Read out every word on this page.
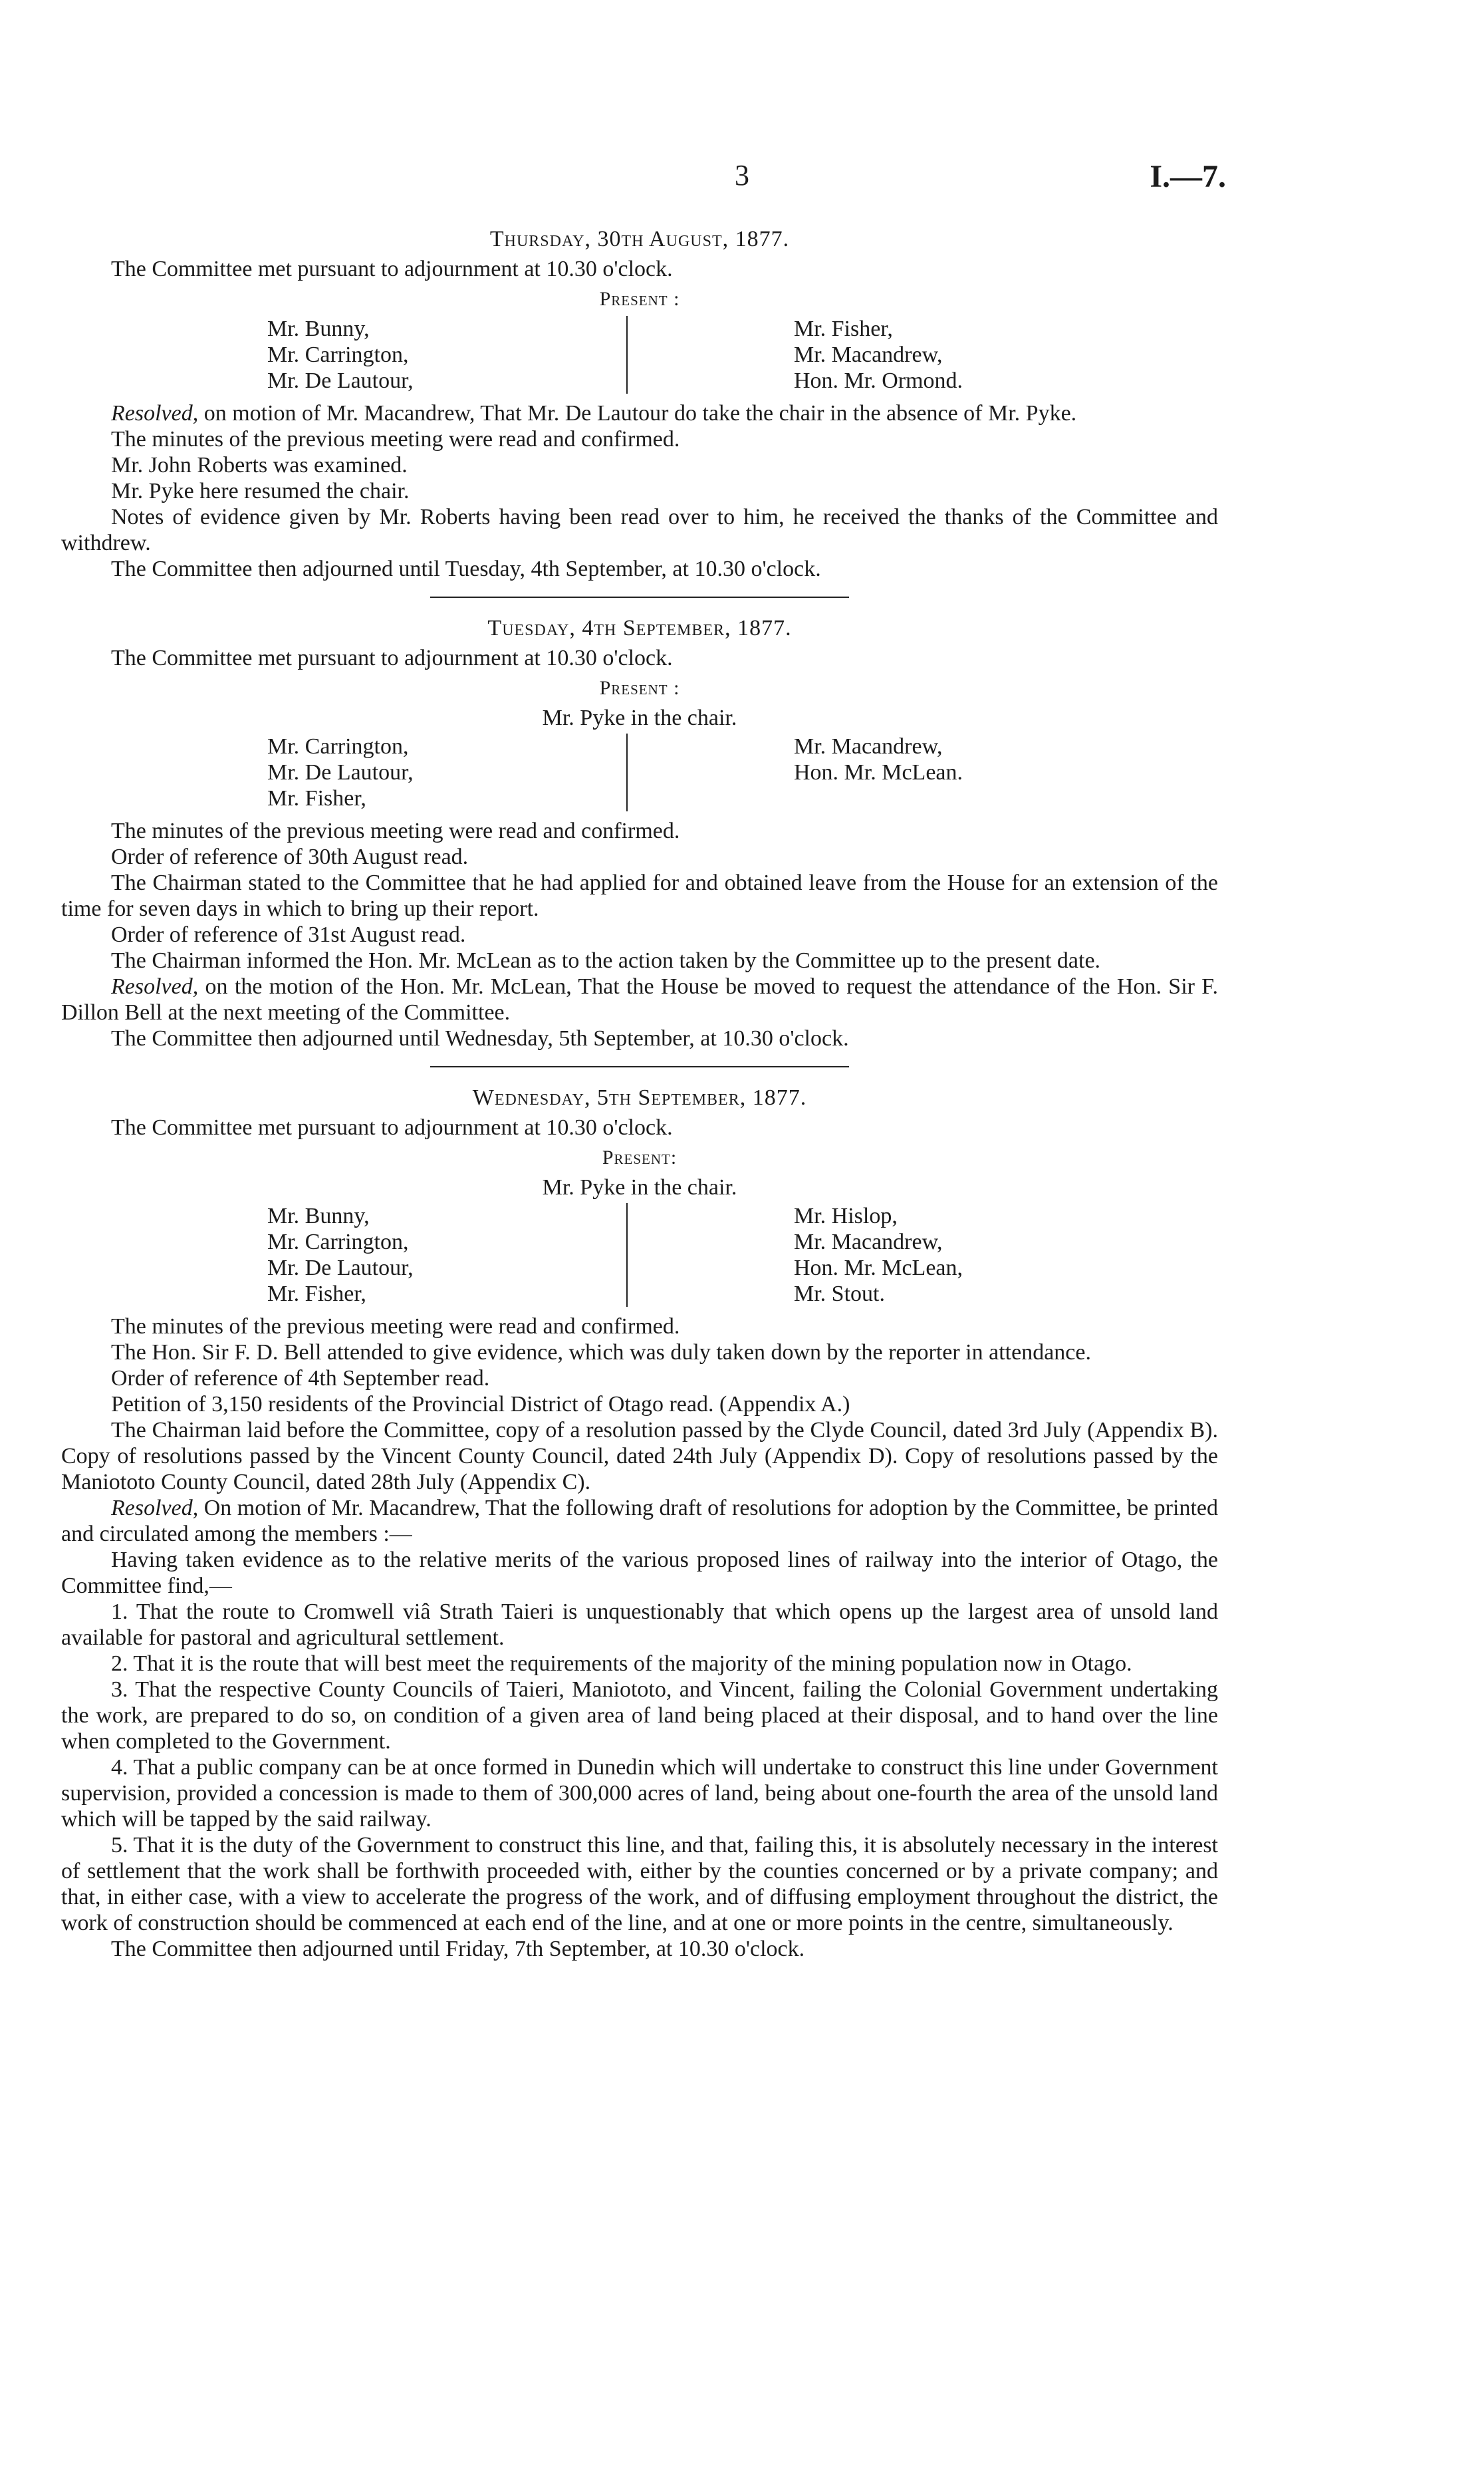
3	I.—7.
Thursday, 30th August, 1877.

The Committee met pursuant to adjournment at 10.30 o'clock.

Present :
Mr. Bunny,
Mr. Carrington,
Mr. De Lautour,
Mr. Fisher,
Mr. Macandrew,
Hon. Mr. Ormond.

Resolved, on motion of Mr. Macandrew, That Mr. De Lautour do take the chair in the absence of Mr. Pyke.

The minutes of the previous meeting were read and confirmed.

Mr. John Roberts was examined.

Mr. Pyke here resumed the chair.

Notes of evidence given by Mr. Roberts having been read over to him, he received the thanks of the Committee and withdrew.

The Committee then adjourned until Tuesday, 4th September, at 10.30 o'clock.

Tuesday, 4th September, 1877.

The Committee met pursuant to adjournment at 10.30 o'clock.

Present :
Mr. Pyke in the chair.
Mr. Carrington,
Mr. De Lautour,
Mr. Fisher,
Mr. Macandrew,
Hon. Mr. McLean.

The minutes of the previous meeting were read and confirmed.

Order of reference of 30th August read.

The Chairman stated to the Committee that he had applied for and obtained leave from the House for an extension of the time for seven days in which to bring up their report.

Order of reference of 31st August read.

The Chairman informed the Hon. Mr. McLean as to the action taken by the Committee up to the present date.

Resolved, on the motion of the Hon. Mr. McLean, That the House be moved to request the attendance of the Hon. Sir F. Dillon Bell at the next meeting of the Committee.

The Committee then adjourned until Wednesday, 5th September, at 10.30 o'clock.

Wednesday, 5th September, 1877.

The Committee met pursuant to adjournment at 10.30 o'clock.

Present:
Mr. Pyke in the chair.
Mr. Bunny,
Mr. Carrington,
Mr. De Lautour,
Mr. Fisher,
Mr. Hislop,
Mr. Macandrew,
Hon. Mr. McLean,
Mr. Stout.

The minutes of the previous meeting were read and confirmed.

The Hon. Sir F. D. Bell attended to give evidence, which was duly taken down by the reporter in attendance.

Order of reference of 4th September read.

Petition of 3,150 residents of the Provincial District of Otago read. (Appendix A.)

The Chairman laid before the Committee, copy of a resolution passed by the Clyde Council, dated 3rd July (Appendix B). Copy of resolutions passed by the Vincent County Council, dated 24th July (Appendix D). Copy of resolutions passed by the Maniototo County Council, dated 28th July (Appendix C).

Resolved, On motion of Mr. Macandrew, That the following draft of resolutions for adoption by the Committee, be printed and circulated among the members :—

Having taken evidence as to the relative merits of the various proposed lines of railway into the interior of Otago, the Committee find,—

1. That the route to Cromwell viâ Strath Taieri is unquestionably that which opens up the largest area of unsold land available for pastoral and agricultural settlement.

2. That it is the route that will best meet the requirements of the majority of the mining population now in Otago.

3. That the respective County Councils of Taieri, Maniototo, and Vincent, failing the Colonial Government undertaking the work, are prepared to do so, on condition of a given area of land being placed at their disposal, and to hand over the line when completed to the Government.

4. That a public company can be at once formed in Dunedin which will undertake to construct this line under Government supervision, provided a concession is made to them of 300,000 acres of land, being about one-fourth the area of the unsold land which will be tapped by the said railway.

5. That it is the duty of the Government to construct this line, and that, failing this, it is absolutely necessary in the interest of settlement that the work shall be forthwith proceeded with, either by the counties concerned or by a private company; and that, in either case, with a view to accelerate the progress of the work, and of diffusing employment throughout the district, the work of construction should be commenced at each end of the line, and at one or more points in the centre, simultaneously.

The Committee then adjourned until Friday, 7th September, at 10.30 o'clock.
